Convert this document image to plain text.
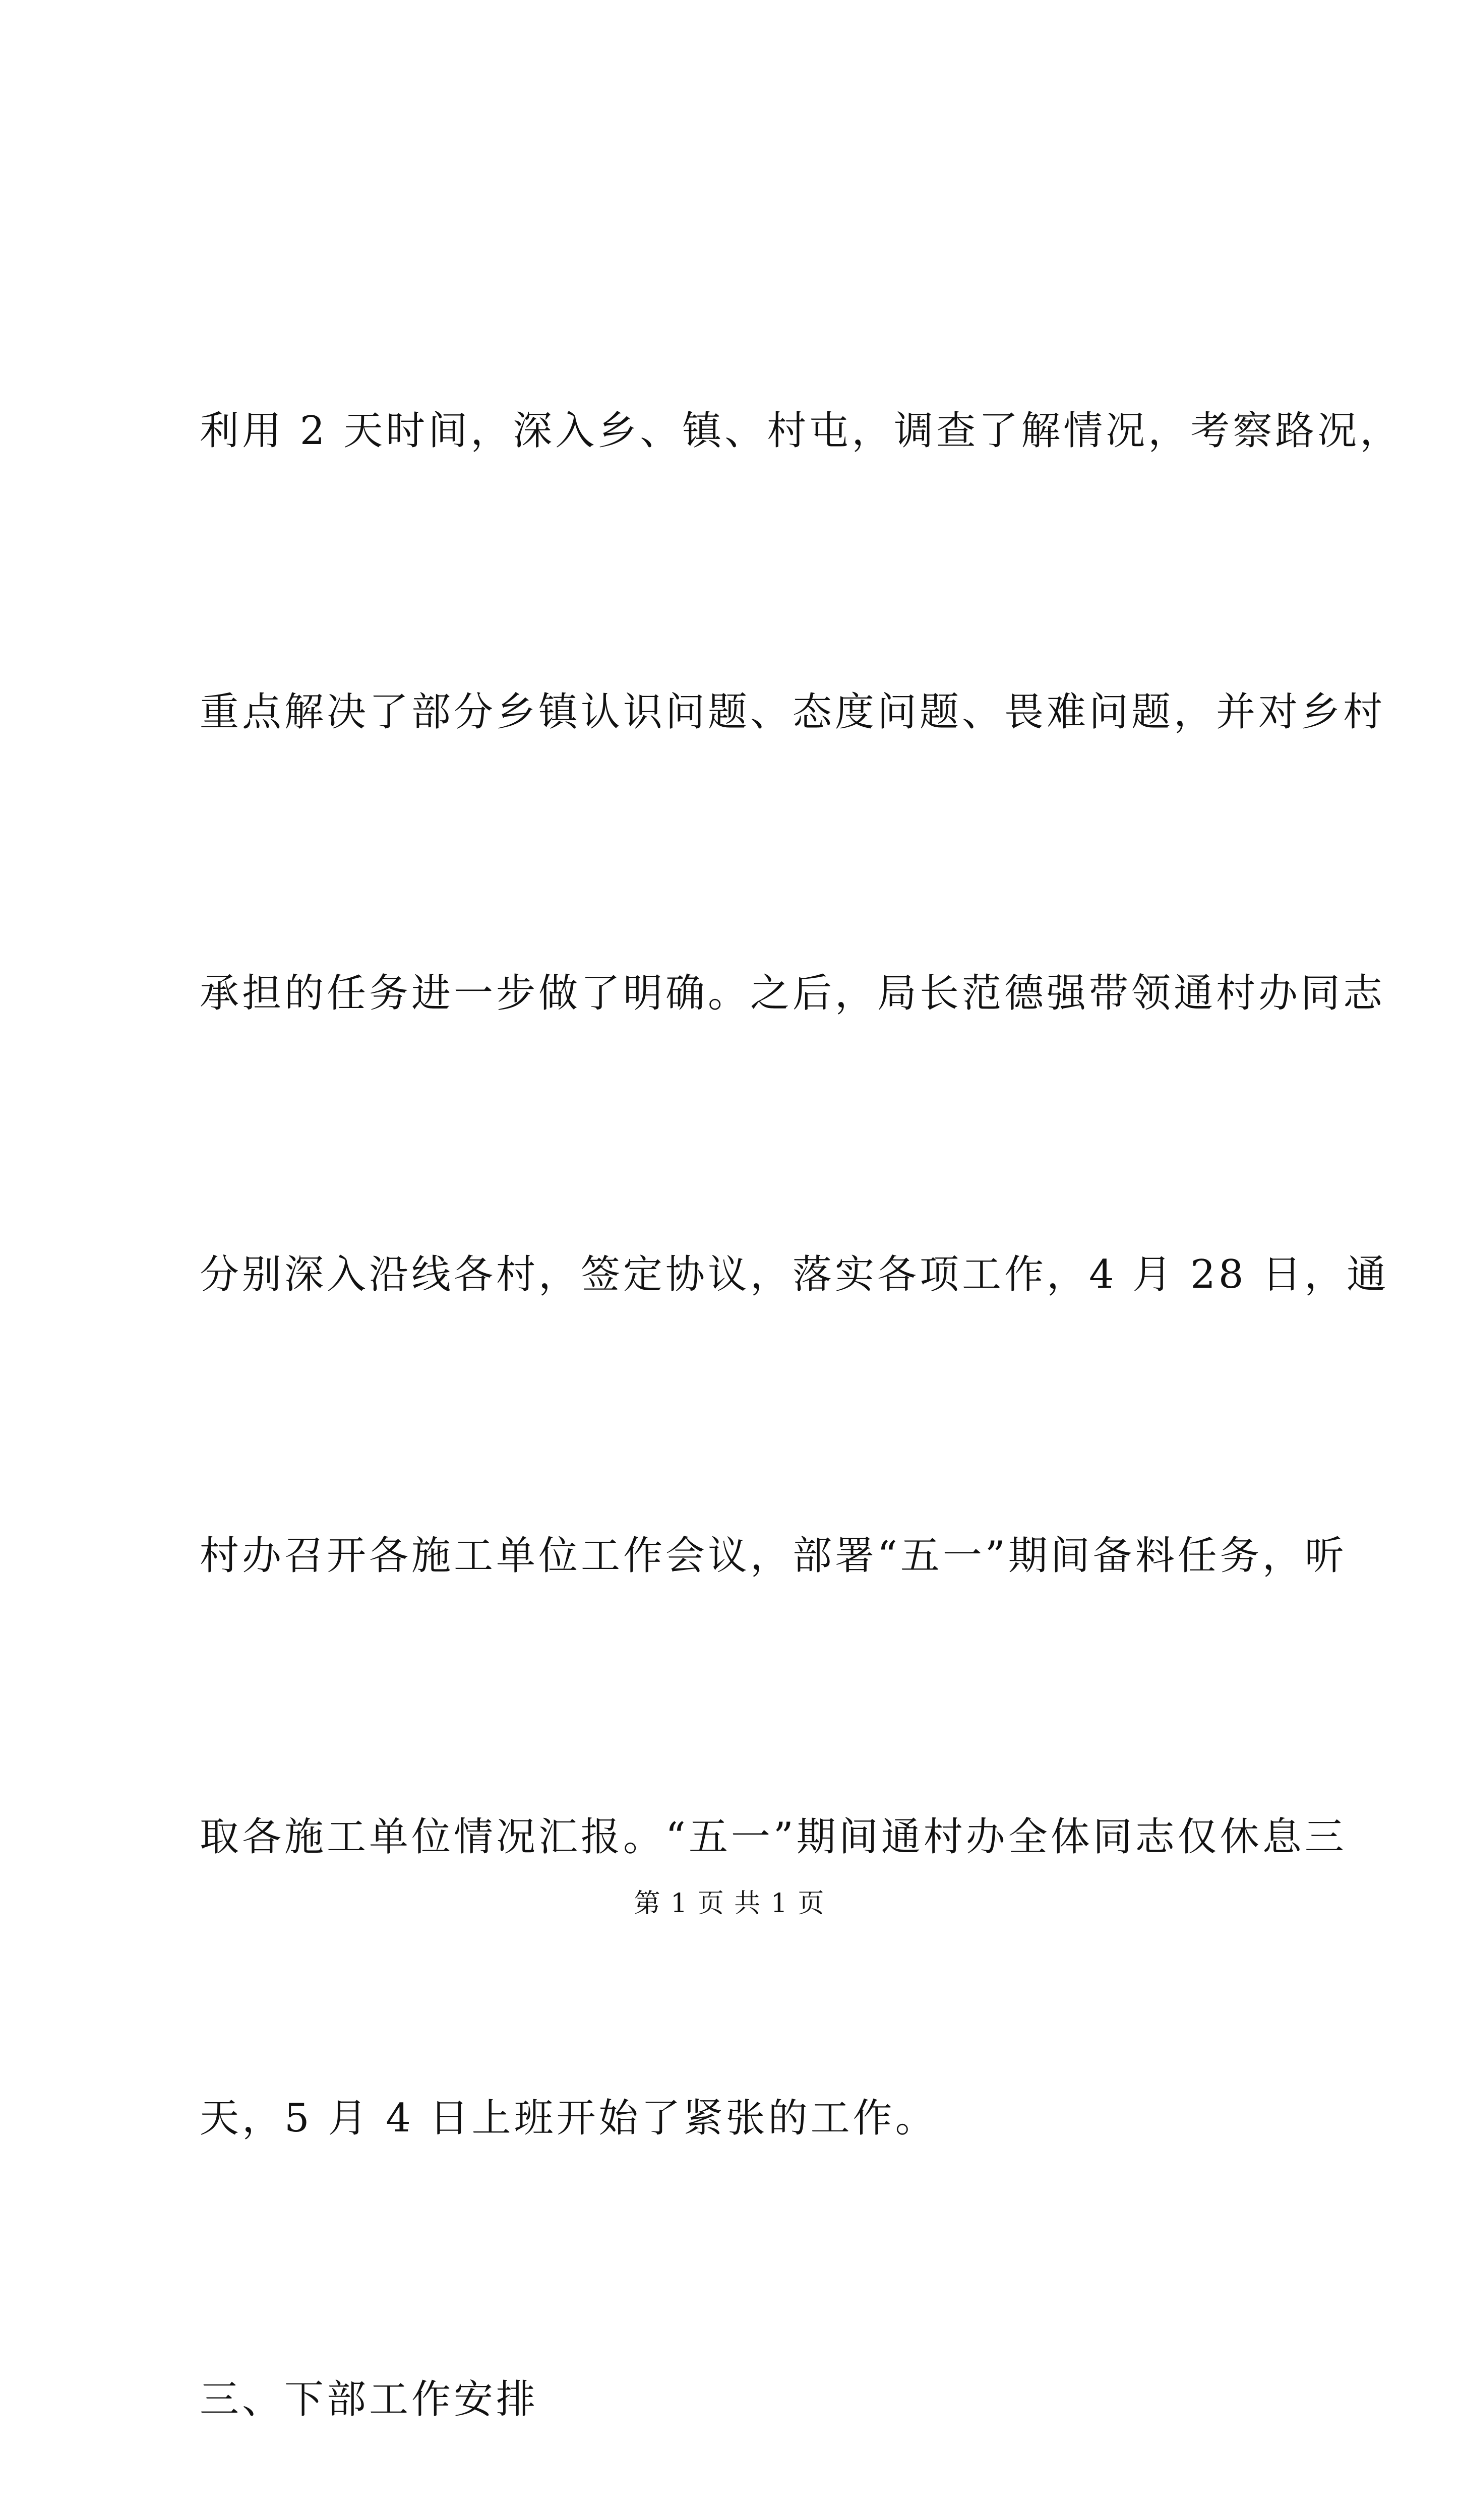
利用 2 天时间，深入乡、镇、村屯，调查了解情况，考察路况，

重点解决了部分乡镇认识问题、态度问题、畏难问题，并对乡村

承担的任务进一步做了明确。之后，局长范德强带领通村办同志

分别深入沿线各村，签定协议，落实各项工作，4 月 28 日，通

村办召开各施工单位工作会议，部署“五一”期间备料任务，听

取各施工单位情况汇报。“五一”期间通村办全体同志仅休息三

天，5 月 4 日上班开始了紧张的工作。

三、下部工作安排

第 1 页 共 1 页
